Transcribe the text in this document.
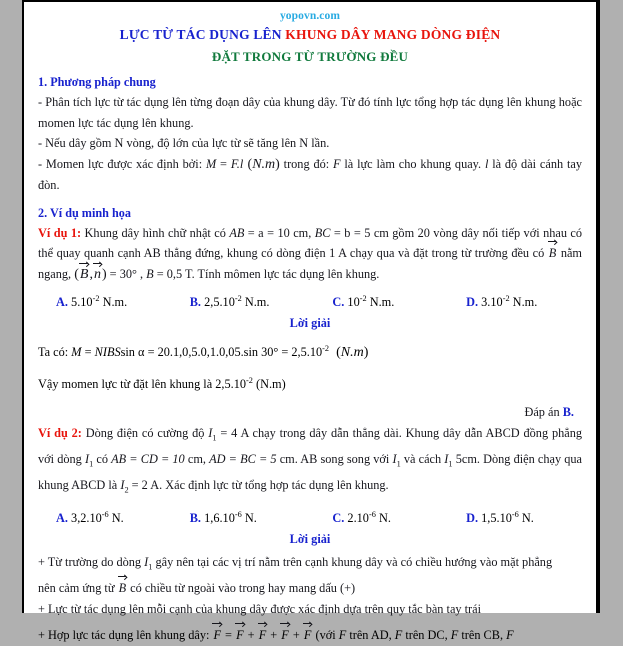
yopovn.com
LỰC TỪ TÁC DỤNG LÊN KHUNG DÂY MANG DÒNG ĐIỆN
ĐẶT TRONG TỪ TRƯỜNG ĐỀU
1. Phương pháp chung

- Phân tích lực từ tác dụng lên từng đoạn dây của khung dây. Từ đó tính lực tổng hợp tác dụng lên khung hoặc momen lực tác dụng lên khung.

- Nếu dây gồm N vòng, độ lớn của lực từ sẽ tăng lên N lần.

- Momen lực được xác định bởi: M = F.l (N.m) trong đó: F là lực làm cho khung quay. l là độ dài cánh tay đòn.

2. Ví dụ minh họa

Ví dụ 1: Khung dây hình chữ nhật có AB = a = 10 cm, BC = b = 5 cm gồm 20 vòng dây nối tiếp với nhau có thể quay quanh cạnh AB thẳng đứng, khung có dòng điện 1 A chạy qua và đặt trong từ trường đều có B nằm ngang, (B,n) = 30° , B = 0,5 T. Tính mômen lực tác dụng lên khung.

A. $5.10^{-2}$ N.m.	B. $2,5.10^{-2}$ N.m.	C. $10^{-2}$ N.m.	D. $3.10^{-2}$ N.m.
Lời giải
Ta có: M = NIBSsin α = 20.1,0,5.0,1.0,05.sin $30^\circ = 2,5.10^{-2}$ (N.m)
Vậy momen lực từ đặt lên khung là $2,5.10^{-2}$ (N.m)
Đáp án B.

Ví dụ 2: Dòng điện có cường độ $I_1 = 4$ A chạy trong dây dẫn thẳng dài. Khung dây dẫn ABCD đồng phẳng với dòng $I_1$ có AB = CD = 10 cm, AD = BC = 5 cm. AB song song với $I_1$ và cách $I_1$ 5cm. Dòng điện chạy qua khung ABCD là $I_2 = 2$ A. Xác định lực từ tổng hợp tác dụng lên khung.

A. $3,2.10^{-6}$ N.	B. $1,6.10^{-6}$ N.	C. $2.10^{-6}$ N.	D. $1,5.10^{-6}$ N.
Lời giải

+ Từ trường do dòng $I_1$ gây nên tại các vị trí nằm trên cạnh khung dây và có chiều hướng vào mặt phẳng

nên cảm ứng từ B có chiều từ ngoài vào trong hay mang dấu (+)

+ Lực từ tác dụng lên mỗi cạnh của khung dây được xác định dựa trên quy tắc bàn tay trái

+ Hợp lực tác dụng lên khung dây: F = F + F + F + F (với F trên AD, F trên DC, F trên CB, F
